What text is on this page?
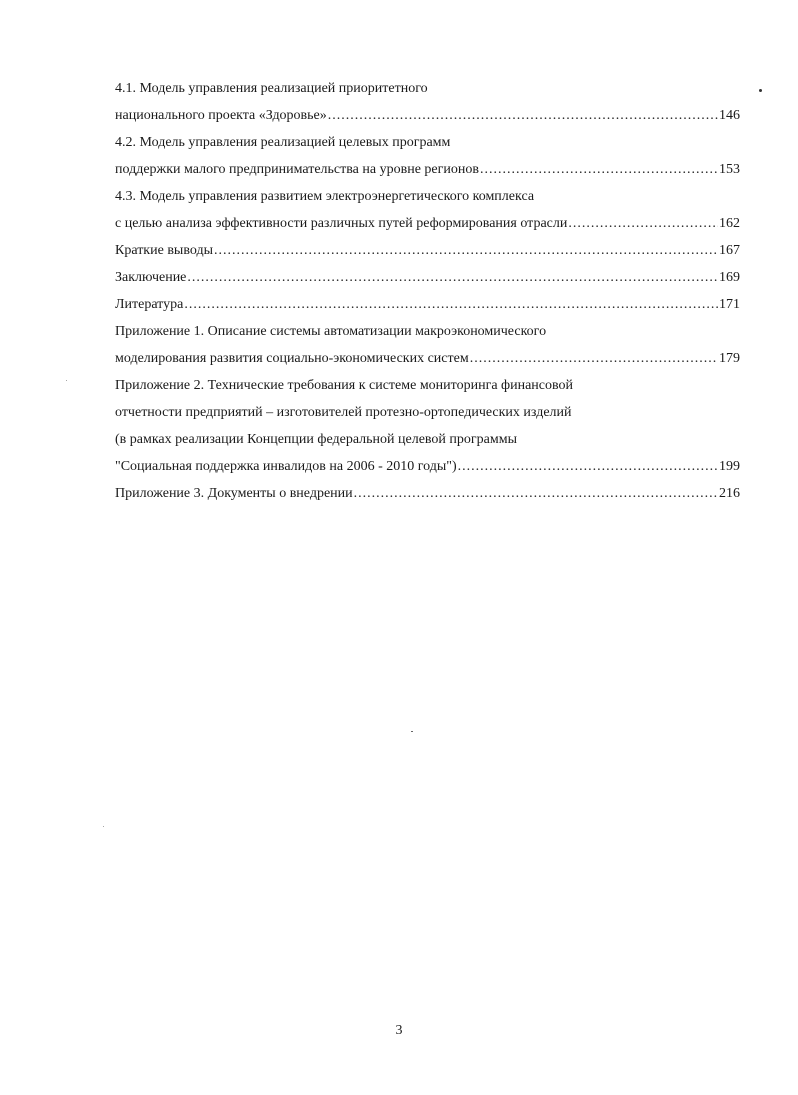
4.1. Модель управления реализацией приоритетного
национального проекта «Здоровье» .....	146
4.2. Модель управления реализацией целевых программ
поддержки малого предпринимательства на уровне регионов .....	153
4.3. Модель управления развитием электроэнергетического комплекса
с целью анализа эффективности различных путей реформирования отрасли .....	162
Краткие выводы .....	167
Заключение .....	169
Литература .....	171
Приложение 1. Описание системы автоматизации макроэкономического
моделирования развития социально-экономических систем .....	179
Приложение 2. Технические требования к системе мониторинга финансовой
отчетности предприятий – изготовителей протезно-ортопедических изделий
(в рамках реализации Концепции федеральной целевой программы
"Социальная поддержка инвалидов на 2006 - 2010 годы") .....	199
Приложение 3. Документы о внедрении .....	216
3
